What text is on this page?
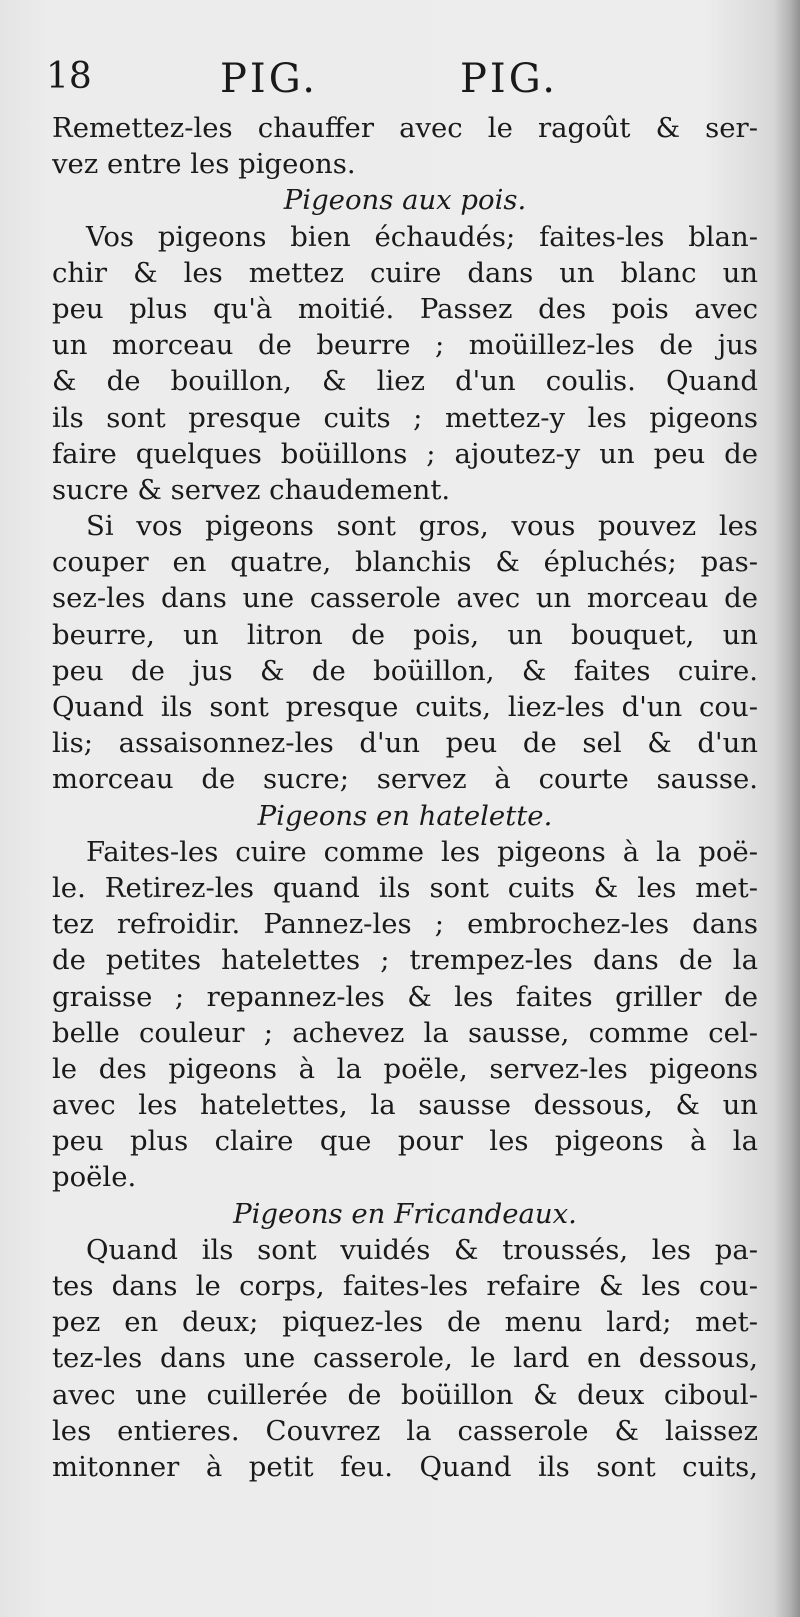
18	PIG.	PIG.
Remettez-les chauffer avec le ragoût & ser-
vez entre les pigeons.
Pigeons aux pois.
Vos pigeons bien échaudés; faites-les blan-
chir & les mettez cuire dans un blanc un
peu plus qu'à moitié. Passez des pois avec
un morceau de beurre ; moüillez-les de jus
& de bouillon, & liez d'un coulis. Quand
ils sont presque cuits ; mettez-y les pigeons
faire quelques boüillons ; ajoutez-y un peu de
sucre & servez chaudement.
Si vos pigeons sont gros, vous pouvez les
couper en quatre, blanchis & épluchés; pas-
sez-les dans une casserole avec un morceau de
beurre, un litron de pois, un bouquet, un
peu de jus & de boüillon, & faites cuire.
Quand ils sont presque cuits, liez-les d'un cou-
lis; assaisonnez-les d'un peu de sel & d'un
morceau de sucre; servez à courte sausse.
Pigeons en hatelette.
Faites-les cuire comme les pigeons à la poë-
le. Retirez-les quand ils sont cuits & les met-
tez refroidir. Pannez-les ; embrochez-les dans
de petites hatelettes ; trempez-les dans de la
graisse ; repannez-les & les faites griller de
belle couleur ; achevez la sausse, comme cel-
le des pigeons à la poële, servez-les pigeons
avec les hatelettes, la sausse dessous, & un
peu plus claire que pour les pigeons à la
poële.
Pigeons en Fricandeaux.
Quand ils sont vuidés & troussés, les pa-
tes dans le corps, faites-les refaire & les cou-
pez en deux; piquez-les de menu lard; met-
tez-les dans une casserole, le lard en dessous,
avec une cuillerée de boüillon & deux ciboul-
les entieres. Couvrez la casserole & laissez
mitonner à petit feu. Quand ils sont cuits,
